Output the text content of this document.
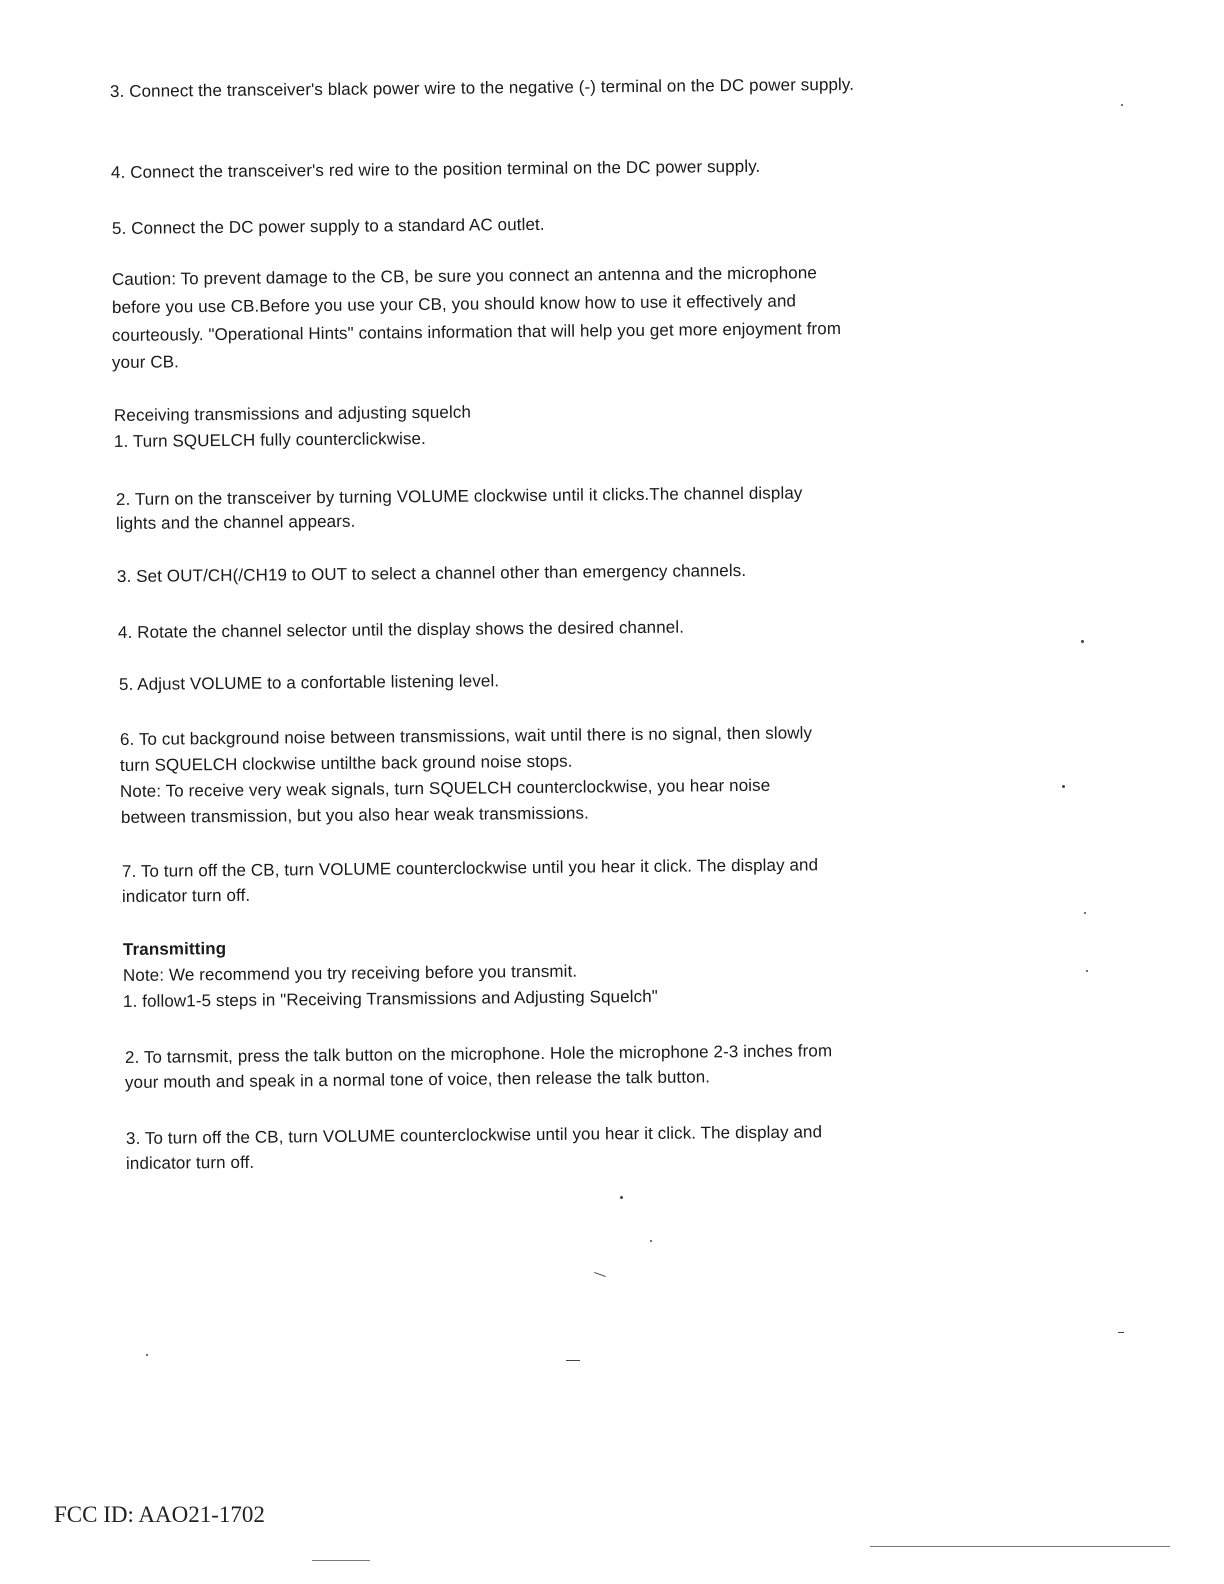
3. Connect the transceiver's black power wire to the negative (-) terminal on the DC power supply.
4. Connect the transceiver's red wire to the position terminal on the DC power supply.
5. Connect the DC power supply to a standard AC outlet.
Caution: To prevent damage to the CB, be sure you connect an antenna and the microphone
before you use CB.Before you use your CB, you should know how to use it effectively and
courteously. "Operational Hints" contains information that will help you get more enjoyment from
your CB.
Receiving transmissions and adjusting squelch
1. Turn SQUELCH fully counterclickwise.
2. Turn on the transceiver by turning VOLUME clockwise until it clicks.The channel display
lights and the channel appears.
3. Set OUT/CH(/CH19 to OUT to select a channel other than emergency channels.
4. Rotate the channel selector until the display shows the desired channel.
5. Adjust VOLUME to a confortable listening level.
6. To cut background noise between transmissions, wait until there is no signal, then slowly
turn SQUELCH clockwise untilthe back ground noise stops.
Note: To receive very weak signals, turn SQUELCH counterclockwise, you hear noise
between transmission, but you also hear weak transmissions.
7. To turn off the CB, turn VOLUME counterclockwise until you hear it click. The display and
indicator turn off.
Transmitting
Note: We recommend you try receiving before you transmit.
1. follow1-5 steps in "Receiving Transmissions and Adjusting Squelch"
2. To tarnsmit, press the talk button on the microphone. Hole the microphone 2-3 inches from
your mouth and speak in a normal tone of voice, then release the talk button.
3. To turn off the CB, turn VOLUME counterclockwise until you hear it click. The display and
indicator turn off.
FCC ID: AAO21-1702
